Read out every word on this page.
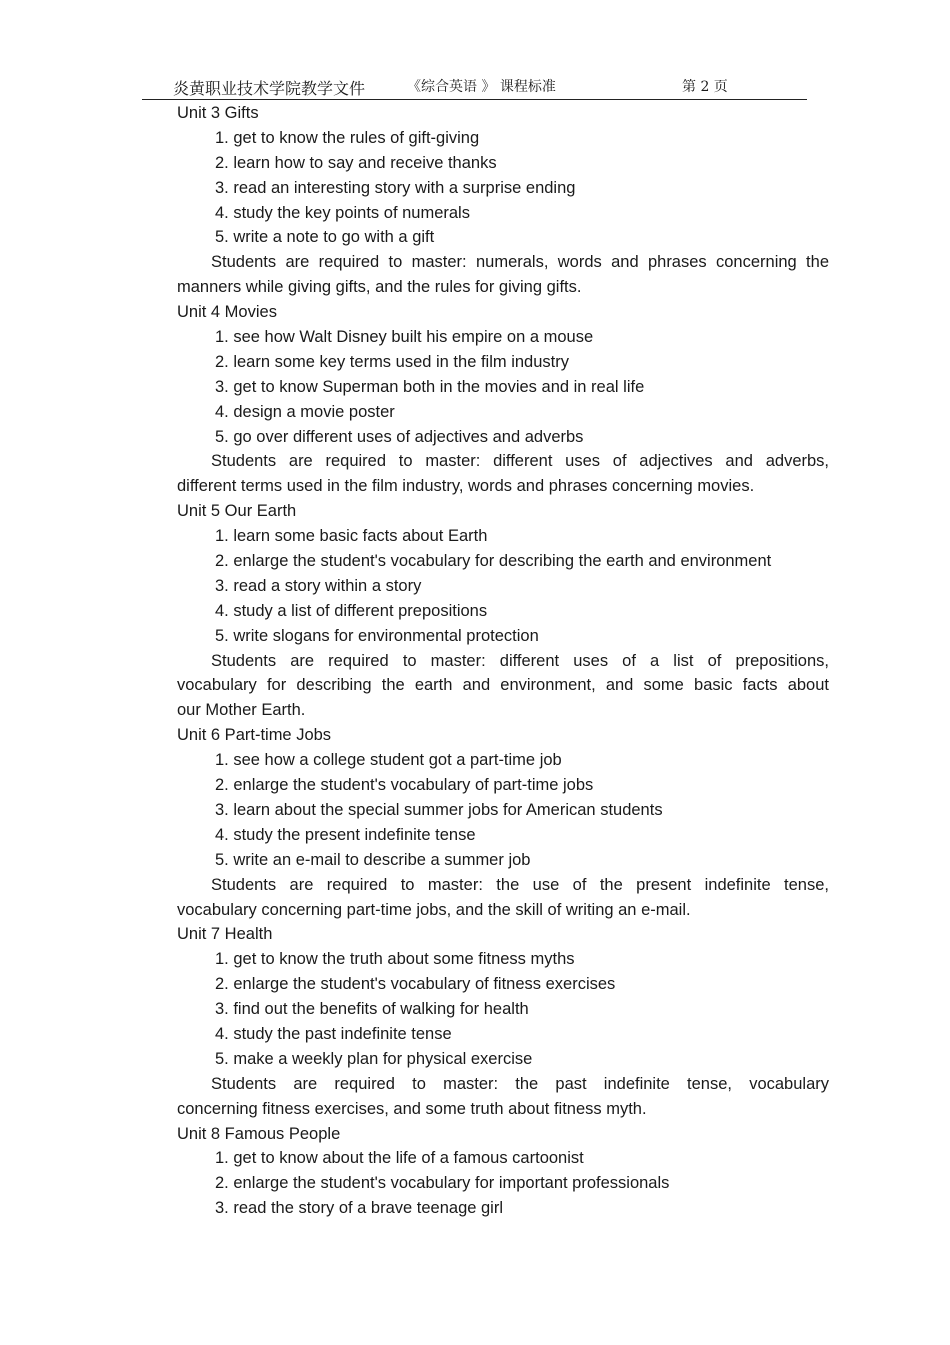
炎黄职业技术学院教学文件	《综合英语 》 课程标准	第 2 页
Unit 3 Gifts
1. get to know the rules of gift-giving
2. learn how to say and receive thanks
3. read an interesting story with a surprise ending
4. study the key points of numerals
5. write a note to go with a gift
Students are required to master: numerals, words and phrases concerning the
manners while giving gifts, and the rules for giving gifts.
Unit 4 Movies
1. see how Walt Disney built his empire on a mouse
2. learn some key terms used in the film industry
3. get to know Superman both in the movies and in real life
4. design a movie poster
5. go over different uses of adjectives and adverbs
Students are required to master: different uses of adjectives and adverbs,
different terms used in the film industry, words and phrases concerning movies.
Unit 5 Our Earth
1. learn some basic facts about Earth
2. enlarge the student's vocabulary for describing the earth and environment
3. read a story within a story
4. study a list of different prepositions
5. write slogans for environmental protection
Students are required to master: different uses of a list of prepositions,
vocabulary for describing the earth and environment, and some basic facts about
our Mother Earth.
Unit 6 Part-time Jobs
1. see how a college student got a part-time job
2. enlarge the student's vocabulary of part-time jobs
3. learn about the special summer jobs for American students
4. study the present indefinite tense
5. write an e-mail to describe a summer job
Students are required to master: the use of the present indefinite tense,
vocabulary concerning part-time jobs, and the skill of writing an e-mail.
Unit 7 Health
1. get to know the truth about some fitness myths
2. enlarge the student's vocabulary of fitness exercises
3. find out the benefits of walking for health
4. study the past indefinite tense
5. make a weekly plan for physical exercise
Students are required to master: the past indefinite tense, vocabulary
concerning fitness exercises, and some truth about fitness myth.
Unit 8 Famous People
1. get to know about the life of a famous cartoonist
2. enlarge the student's vocabulary for important professionals
3. read the story of a brave teenage girl
